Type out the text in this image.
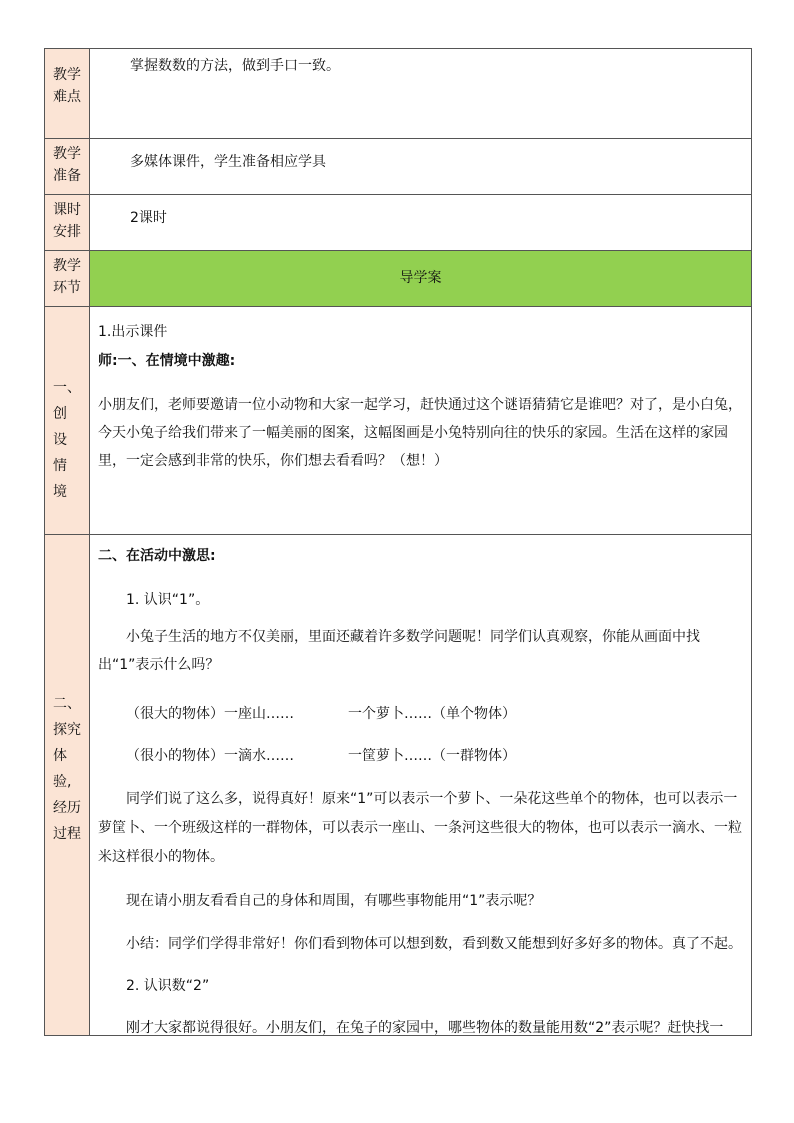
教学
难点

掌握数数的方法，做到手口一致。

教学
准备

多媒体课件，学生准备相应学具

课时
安排

2课时

教学
环节
导学案
一、
创
设
情
境

1.出示课件

师:一、在情境中激趣:

小朋友们，老师要邀请一位小动物和大家一起学习，赶快通过这个谜语猜猜它是谁吧？对了，是小白兔，今天小兔子给我们带来了一幅美丽的图案，这幅图画是小兔特别向往的快乐的家园。生活在这样的家园里，一定会感到非常的快乐，你们想去看看吗？（想！）

二、
探究
体
验,
经历
过程

二、在活动中激思:

1. 认识“1”。

小兔子生活的地方不仅美丽，里面还藏着许多数学问题呢！同学们认真观察，你能从画面中找出“1”表示什么吗？

（很大的物体）一座山……	一个萝卜……（单个物体）

（很小的物体）一滴水……	一筐萝卜……（一群物体）

同学们说了这么多，说得真好！原来“1”可以表示一个萝卜、一朵花这些单个的物体，也可以表示一萝筐卜、一个班级这样的一群物体，可以表示一座山、一条河这些很大的物体，也可以表示一滴水、一粒米这样很小的物体。

现在请小朋友看看自己的身体和周围，有哪些事物能用“1”表示呢？

小结：同学们学得非常好！你们看到物体可以想到数，看到数又能想到好多好多的物体。真了不起。

2. 认识数“2”

刚才大家都说得很好。小朋友们，在兔子的家园中，哪些物体的数量能用数“2”表示呢？赶快找一
